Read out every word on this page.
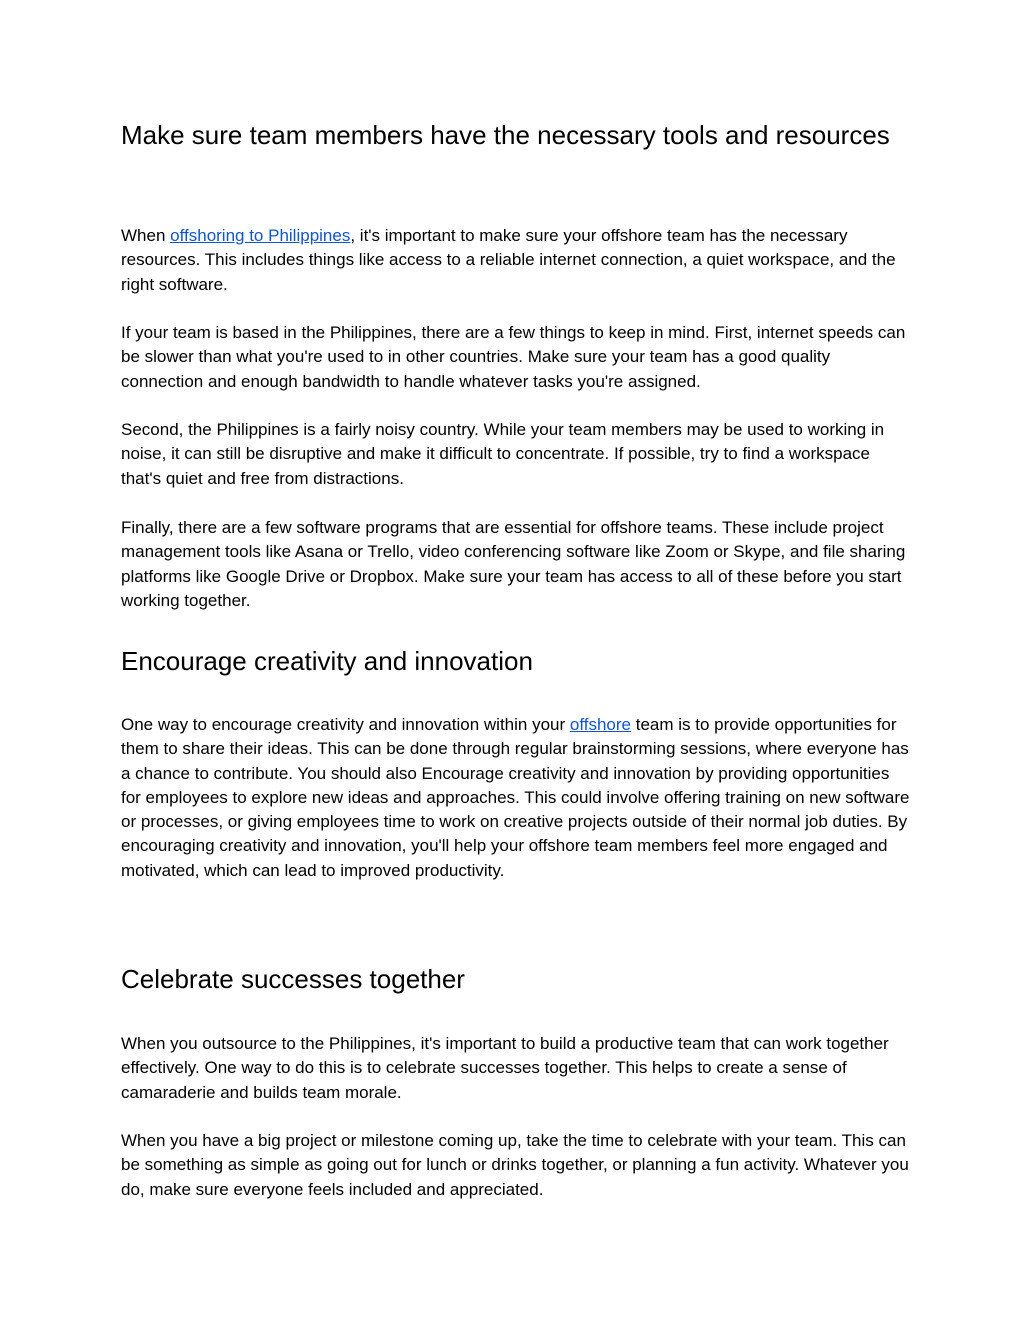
Make sure team members have the necessary tools and resources

When offshoring to Philippines, it's important to make sure your offshore team has the necessary resources. This includes things like access to a reliable internet connection, a quiet workspace, and the right software.

If your team is based in the Philippines, there are a few things to keep in mind. First, internet speeds can be slower than what you're used to in other countries. Make sure your team has a good quality connection and enough bandwidth to handle whatever tasks you're assigned.

Second, the Philippines is a fairly noisy country. While your team members may be used to working in noise, it can still be disruptive and make it difficult to concentrate. If possible, try to find a workspace that's quiet and free from distractions.

Finally, there are a few software programs that are essential for offshore teams. These include project management tools like Asana or Trello, video conferencing software like Zoom or Skype, and file sharing platforms like Google Drive or Dropbox. Make sure your team has access to all of these before you start working together.

Encourage creativity and innovation

One way to encourage creativity and innovation within your offshore team is to provide opportunities for them to share their ideas. This can be done through regular brainstorming sessions, where everyone has a chance to contribute. You should also Encourage creativity and innovation by providing opportunities for employees to explore new ideas and approaches. This could involve offering training on new software or processes, or giving employees time to work on creative projects outside of their normal job duties. By encouraging creativity and innovation, you'll help your offshore team members feel more engaged and motivated, which can lead to improved productivity.

Celebrate successes together

When you outsource to the Philippines, it's important to build a productive team that can work together effectively. One way to do this is to celebrate successes together. This helps to create a sense of camaraderie and builds team morale.

When you have a big project or milestone coming up, take the time to celebrate with your team. This can be something as simple as going out for lunch or drinks together, or planning a fun activity. Whatever you do, make sure everyone feels included and appreciated.
